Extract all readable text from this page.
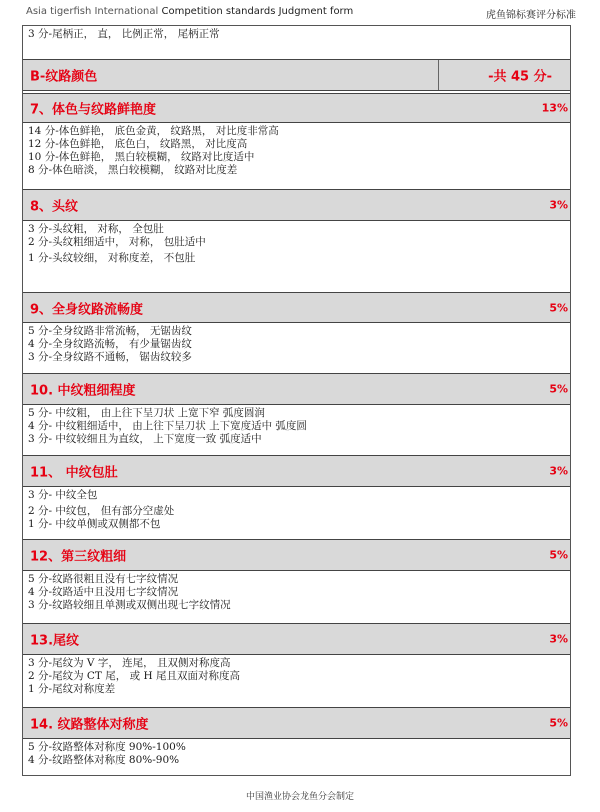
Asia tigerfish International Competition standards Judgment form	虎鱼锦标赛评分标准
3 分-尾柄正， 直， 比例正常， 尾柄正常
B-纹路颜色	-共 45 分-
7、体色与纹路鲜艳度	13%
14 分-体色鲜艳， 底色金黄， 纹路黑， 对比度非常高
12 分-体色鲜艳， 底色白， 纹路黑， 对比度高
10 分-体色鲜艳， 黑白较模糊， 纹路对比度适中
8 分-体色暗淡， 黑白较模糊， 纹路对比度差
8、头纹	3%
3 分-头纹粗， 对称， 全包肚
2 分-头纹粗细适中， 对称， 包肚适中
1 分-头纹较细， 对称度差， 不包肚
9、全身纹路流畅度	5%
5 分-全身纹路非常流畅， 无锯齿纹
4 分-全身纹路流畅， 有少量锯齿纹
3 分-全身纹路不通畅， 锯齿纹较多
10. 中纹粗细程度	5%
5 分- 中纹粗， 由上往下呈刀状 上宽下窄 弧度圆润
4 分- 中纹粗细适中， 由上往下呈刀状 上下宽度适中 弧度圆
3 分- 中纹较细且为直纹， 上下宽度一致 弧度适中
11、 中纹包肚	3%
3 分- 中纹全包
2 分- 中纹包， 但有部分空虚处
1 分- 中纹单侧或双侧都不包
12、第三纹粗细	5%
5 分-纹路很粗且没有七字纹情况
4 分-纹路适中且没用七字纹情况
3 分-纹路较细且单测或双侧出现七字纹情况
13.尾纹	3%
3 分-尾纹为 V 字， 连尾， 且双侧对称度高
2 分-尾纹为 CT 尾， 或 H 尾且双面对称度高
1 分-尾纹对称度差
14. 纹路整体对称度	5%
5 分-纹路整体对称度 90%-100%
4 分-纹路整体对称度 80%-90%
中国渔业协会龙鱼分会制定
